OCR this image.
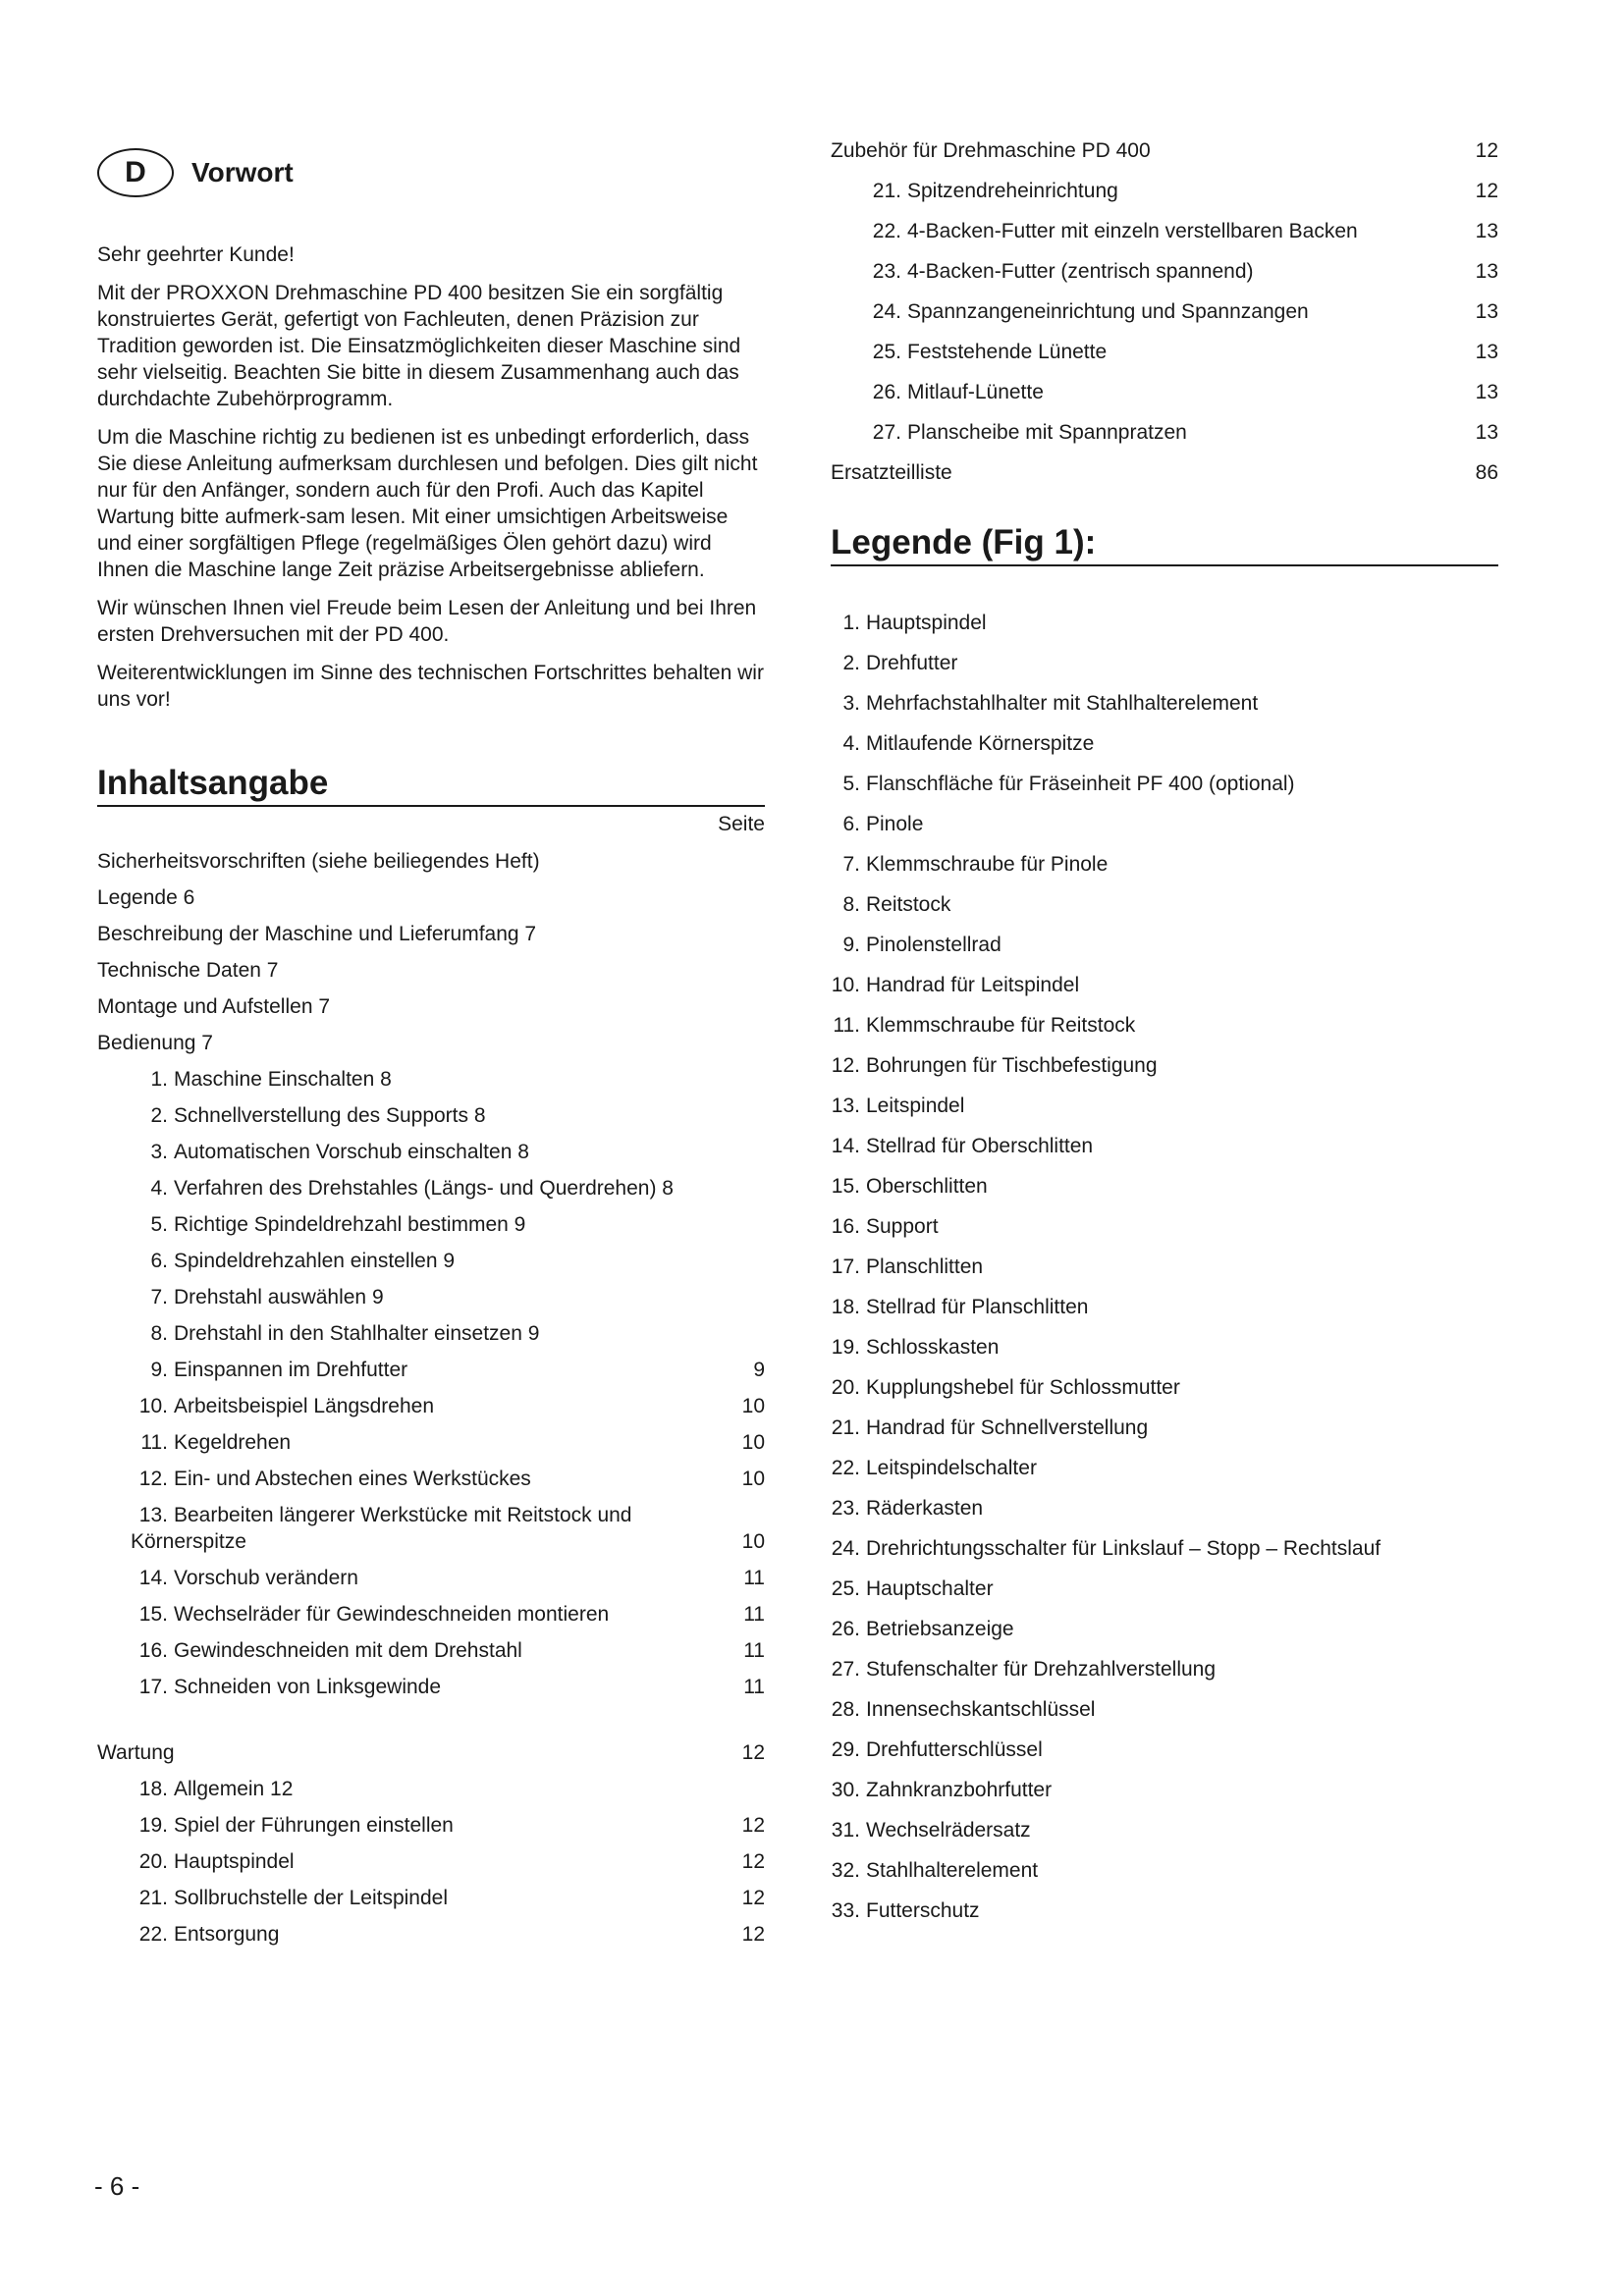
D	Vorwort

Sehr geehrter Kunde!

Mit der PROXXON Drehmaschine PD 400 besitzen Sie ein sorgfältig konstruiertes Gerät, gefertigt von Fachleuten, denen Präzision zur Tradition geworden ist. Die Einsatzmöglichkeiten dieser Maschine sind sehr vielseitig. Beachten Sie bitte in diesem Zusammenhang auch das durchdachte Zubehörprogramm.

Um die Maschine richtig zu bedienen ist es unbedingt erforderlich, dass Sie diese Anleitung aufmerksam durchlesen und befolgen. Dies gilt nicht nur für den Anfänger, sondern auch für den Profi. Auch das Kapitel Wartung bitte aufmerk-sam lesen. Mit einer umsichtigen Arbeitsweise und einer sorgfältigen Pflege (regelmäßiges Ölen gehört dazu) wird Ihnen die Maschine lange Zeit präzise Arbeitsergebnisse abliefern.

Wir wünschen Ihnen viel Freude beim Lesen der Anleitung und bei Ihren ersten Drehversuchen mit der PD 400.

Weiterentwicklungen im Sinne des technischen Fortschrittes behalten wir uns vor!

Inhaltsangabe
Seite
Sicherheitsvorschriften (siehe beiliegendes Heft)
Legende 6
Beschreibung der Maschine und Lieferumfang 7
Technische Daten 7
Montage und Aufstellen 7
Bedienung 7
1. Maschine Einschalten 8
2. Schnellverstellung des Supports 8
3. Automatischen Vorschub einschalten 8
4. Verfahren des Drehstahles (Längs- und Querdrehen) 8
5. Richtige Spindeldrehzahl bestimmen 9
6. Spindeldrehzahlen einstellen 9
7. Drehstahl auswählen 9
8. Drehstahl in den Stahlhalter einsetzen 9
9. Einspannen im Drehfutter	9
10. Arbeitsbeispiel Längsdrehen	10
11. Kegeldrehen	10
12. Ein- und Abstechen eines Werkstückes	10
13. Bearbeiten längerer Werkstücke mit Reitstock und Körnerspitze	10
14. Vorschub verändern	11
15. Wechselräder für Gewindeschneiden montieren	11
16. Gewindeschneiden mit dem Drehstahl	11
17. Schneiden von Linksgewinde	11
Wartung	12
18. Allgemein 12
19. Spiel der Führungen einstellen	12
20. Hauptspindel	12
21. Sollbruchstelle der Leitspindel	12
22. Entsorgung	12
Zubehör für Drehmaschine PD 400	12
21. Spitzendreheinrichtung	12
22. 4-Backen-Futter mit einzeln verstellbaren Backen	13
23. 4-Backen-Futter (zentrisch spannend)	13
24. Spannzangeneinrichtung und Spannzangen	13
25. Feststehende Lünette	13
26. Mitlauf-Lünette	13
27. Planscheibe mit Spannpratzen	13
Ersatzteilliste	86
Legende (Fig 1):
1. Hauptspindel
2. Drehfutter
3. Mehrfachstahlhalter mit Stahlhalterelement
4. Mitlaufende Körnerspitze
5. Flanschfläche für Fräseinheit PF 400 (optional)
6. Pinole
7. Klemmschraube für Pinole
8. Reitstock
9. Pinolenstellrad
10. Handrad für Leitspindel
11. Klemmschraube für Reitstock
12. Bohrungen für Tischbefestigung
13. Leitspindel
14. Stellrad für Oberschlitten
15. Oberschlitten
16. Support
17. Planschlitten
18. Stellrad für Planschlitten
19. Schlosskasten
20. Kupplungshebel für Schlossmutter
21. Handrad für Schnellverstellung
22. Leitspindelschalter
23. Räderkasten
24. Drehrichtungsschalter für Linkslauf – Stopp – Rechtslauf
25. Hauptschalter
26. Betriebsanzeige
27. Stufenschalter für Drehzahlverstellung
28. Innensechskantschlüssel
29. Drehfutterschlüssel
30. Zahnkranzbohrfutter
31. Wechselrädersatz
32. Stahlhalterelement
33. Futterschutz
- 6 -
